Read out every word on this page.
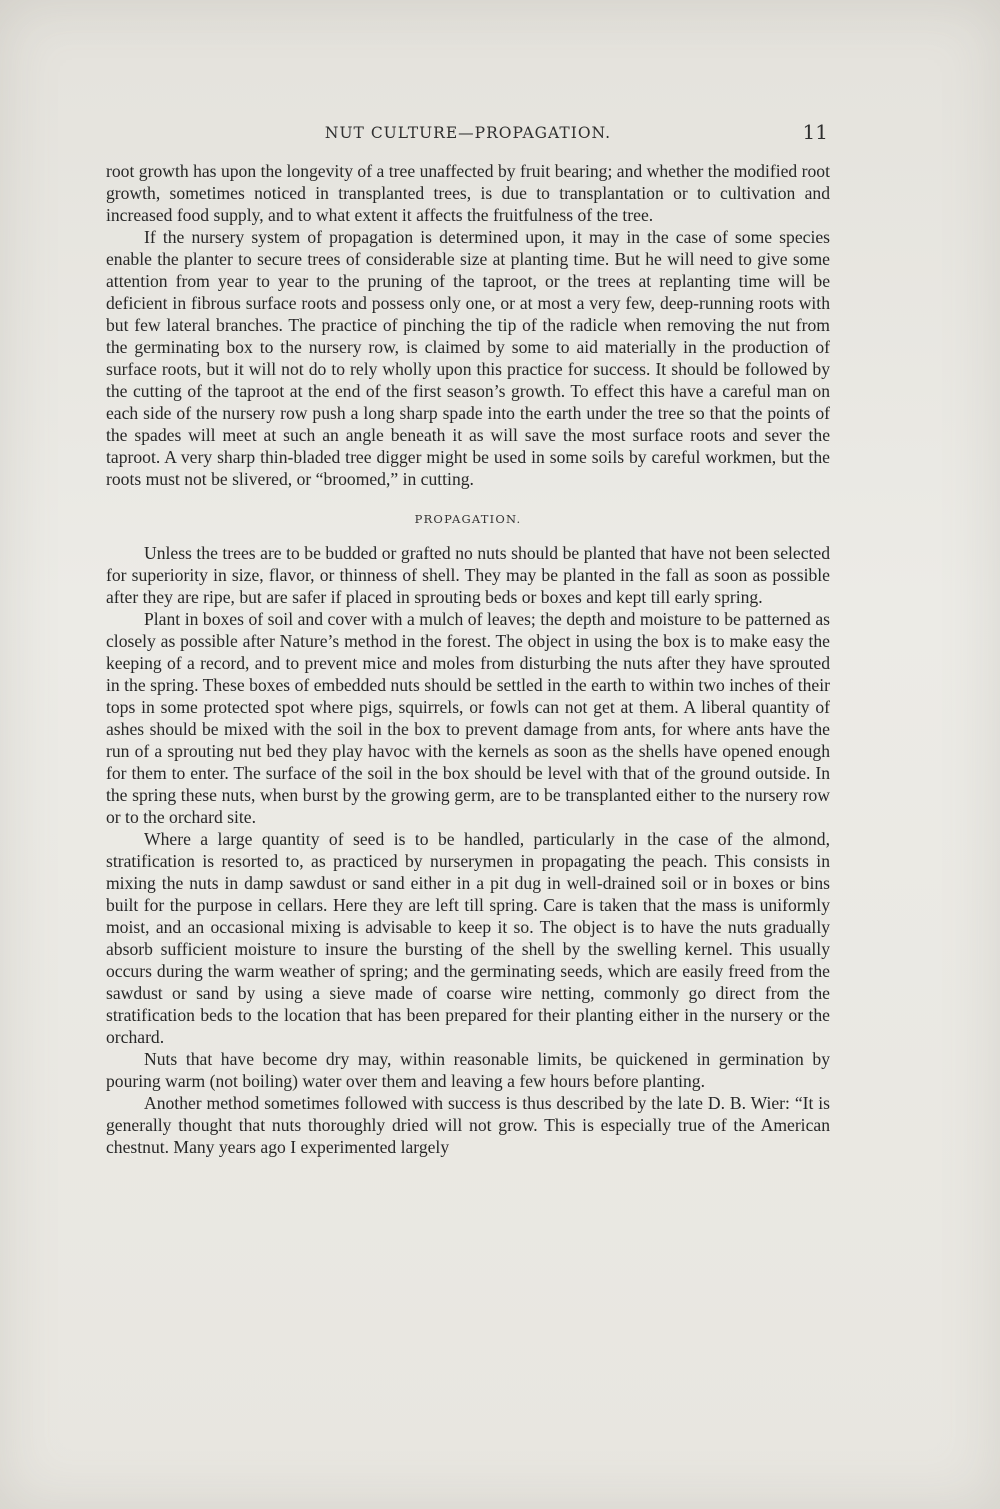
NUT CULTURE—PROPAGATION.	11

root growth has upon the longevity of a tree unaffected by fruit bearing; and whether the modified root growth, sometimes noticed in transplanted trees, is due to transplantation or to cultivation and increased food supply, and to what extent it affects the fruitfulness of the tree.

If the nursery system of propagation is determined upon, it may in the case of some species enable the planter to secure trees of considerable size at planting time. But he will need to give some attention from year to year to the pruning of the taproot, or the trees at replanting time will be deficient in fibrous surface roots and possess only one, or at most a very few, deep-running roots with but few lateral branches. The practice of pinching the tip of the radicle when removing the nut from the germinating box to the nursery row, is claimed by some to aid materially in the production of surface roots, but it will not do to rely wholly upon this practice for success. It should be followed by the cutting of the taproot at the end of the first season’s growth. To effect this have a careful man on each side of the nursery row push a long sharp spade into the earth under the tree so that the points of the spades will meet at such an angle beneath it as will save the most surface roots and sever the taproot. A very sharp thin-bladed tree digger might be used in some soils by careful workmen, but the roots must not be slivered, or “broomed,” in cutting.

PROPAGATION.

Unless the trees are to be budded or grafted no nuts should be planted that have not been selected for superiority in size, flavor, or thinness of shell. They may be planted in the fall as soon as possible after they are ripe, but are safer if placed in sprouting beds or boxes and kept till early spring.

Plant in boxes of soil and cover with a mulch of leaves; the depth and moisture to be patterned as closely as possible after Nature’s method in the forest. The object in using the box is to make easy the keeping of a record, and to prevent mice and moles from disturbing the nuts after they have sprouted in the spring. These boxes of embedded nuts should be settled in the earth to within two inches of their tops in some protected spot where pigs, squirrels, or fowls can not get at them. A liberal quantity of ashes should be mixed with the soil in the box to prevent damage from ants, for where ants have the run of a sprouting nut bed they play havoc with the kernels as soon as the shells have opened enough for them to enter. The surface of the soil in the box should be level with that of the ground outside. In the spring these nuts, when burst by the growing germ, are to be transplanted either to the nursery row or to the orchard site.

Where a large quantity of seed is to be handled, particularly in the case of the almond, stratification is resorted to, as practiced by nurserymen in propagating the peach. This consists in mixing the nuts in damp sawdust or sand either in a pit dug in well-drained soil or in boxes or bins built for the purpose in cellars. Here they are left till spring. Care is taken that the mass is uniformly moist, and an occasional mixing is advisable to keep it so. The object is to have the nuts gradually absorb sufficient moisture to insure the bursting of the shell by the swelling kernel. This usually occurs during the warm weather of spring; and the germinating seeds, which are easily freed from the sawdust or sand by using a sieve made of coarse wire netting, commonly go direct from the stratification beds to the location that has been prepared for their planting either in the nursery or the orchard.

Nuts that have become dry may, within reasonable limits, be quickened in germination by pouring warm (not boiling) water over them and leaving a few hours before planting.

Another method sometimes followed with success is thus described by the late D. B. Wier: “It is generally thought that nuts thoroughly dried will not grow. This is especially true of the American chestnut. Many years ago I experimented largely
